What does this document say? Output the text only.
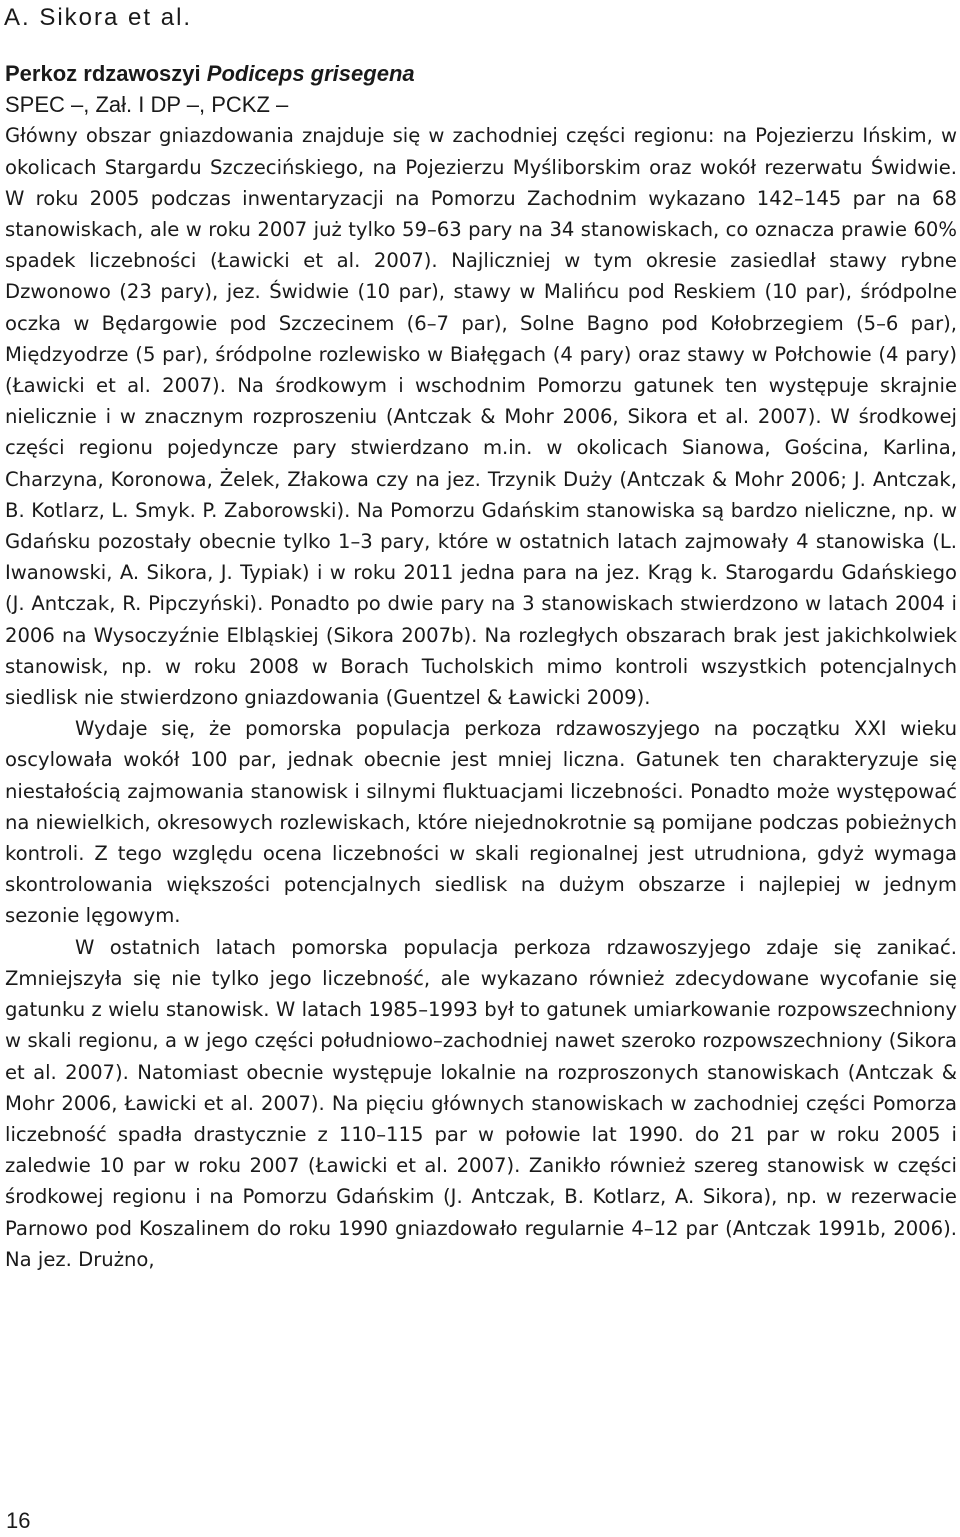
A. Sikora et al.
Perkoz rdzawoszyi Podiceps grisegena
SPEC –, Zał. I DP –, PCKZ –

Główny obszar gniazdowania znajduje się w zachodniej części regionu: na Pojezierzu Ińskim, w okolicach Stargardu Szczecińskiego, na Pojezierzu Myśliborskim oraz wokół rezerwatu Świdwie. W roku 2005 podczas inwentaryzacji na Pomorzu Zachodnim wykazano 142–145 par na 68 stanowiskach, ale w roku 2007 już tylko 59–63 pary na 34 stanowiskach, co oznacza prawie 60% spadek liczebności (Ławicki et al. 2007). Najliczniej w tym okresie zasiedlał stawy rybne Dzwonowo (23 pary), jez. Świdwie (10 par), stawy w Malińcu pod Reskiem (10 par), śródpolne oczka w Będargowie pod Szczecinem (6–7 par), Solne Bagno pod Kołobrzegiem (5–6 par), Międzyodrze (5 par), śródpolne rozlewisko w Białęgach (4 pary) oraz stawy w Połchowie (4 pary) (Ławicki et al. 2007). Na środkowym i wschodnim Pomorzu gatunek ten występuje skrajnie nielicznie i w znacznym rozproszeniu (Antczak & Mohr 2006, Sikora et al. 2007). W środkowej części regionu pojedyncze pary stwierdzano m.in. w okolicach Sianowa, Gościna, Karlina, Charzyna, Koronowa, Żelek, Złakowa czy na jez. Trzynik Duży (Antczak & Mohr 2006; J. Antczak, B. Kotlarz, L. Smyk. P. Zaborowski). Na Pomorzu Gdańskim stanowiska są bardzo nieliczne, np. w Gdańsku pozostały obecnie tylko 1–3 pary, które w ostatnich latach zajmowały 4 stanowiska (L. Iwanowski, A. Sikora, J. Typiak) i w roku 2011 jedna para na jez. Krąg k. Starogardu Gdańskiego (J. Antczak, R. Pipczyński). Ponadto po dwie pary na 3 stanowiskach stwierdzono w latach 2004 i 2006 na Wysoczyźnie Elbląskiej (Sikora 2007b). Na rozległych obszarach brak jest jakichkolwiek stanowisk, np. w roku 2008 w Borach Tucholskich mimo kontroli wszystkich potencjalnych siedlisk nie stwierdzono gniazdowania (Guentzel & Ławicki 2009).

Wydaje się, że pomorska populacja perkoza rdzawoszyjego na początku XXI wieku oscylowała wokół 100 par, jednak obecnie jest mniej liczna. Gatunek ten charakteryzuje się niestałością zajmowania stanowisk i silnymi fluktuacjami liczebności. Ponadto może występować na niewielkich, okresowych rozlewiskach, które niejednokrotnie są pomijane podczas pobieżnych kontroli. Z tego względu ocena liczebności w skali regionalnej jest utrudniona, gdyż wymaga skontrolowania większości potencjalnych siedlisk na dużym obszarze i najlepiej w jednym sezonie lęgowym.

W ostatnich latach pomorska populacja perkoza rdzawoszyjego zdaje się zanikać. Zmniejszyła się nie tylko jego liczebność, ale wykazano również zdecydowane wycofanie się gatunku z wielu stanowisk. W latach 1985–1993 był to gatunek umiarkowanie rozpowszechniony w skali regionu, a w jego części południowo–zachodniej nawet szeroko rozpowszechniony (Sikora et al. 2007). Natomiast obecnie występuje lokalnie na rozproszonych stanowiskach (Antczak & Mohr 2006, Ławicki et al. 2007). Na pięciu głównych stanowiskach w zachodniej części Pomorza liczebność spadła drastycznie z 110–115 par w połowie lat 1990. do 21 par w roku 2005 i zaledwie 10 par w roku 2007 (Ławicki et al. 2007). Zanikło również szereg stanowisk w części środkowej regionu i na Pomorzu Gdańskim (J. Antczak, B. Kotlarz, A. Sikora), np. w rezerwacie Parnowo pod Koszalinem do roku 1990 gniazdowało regularnie 4–12 par (Antczak 1991b, 2006). Na jez. Drużno,

16
